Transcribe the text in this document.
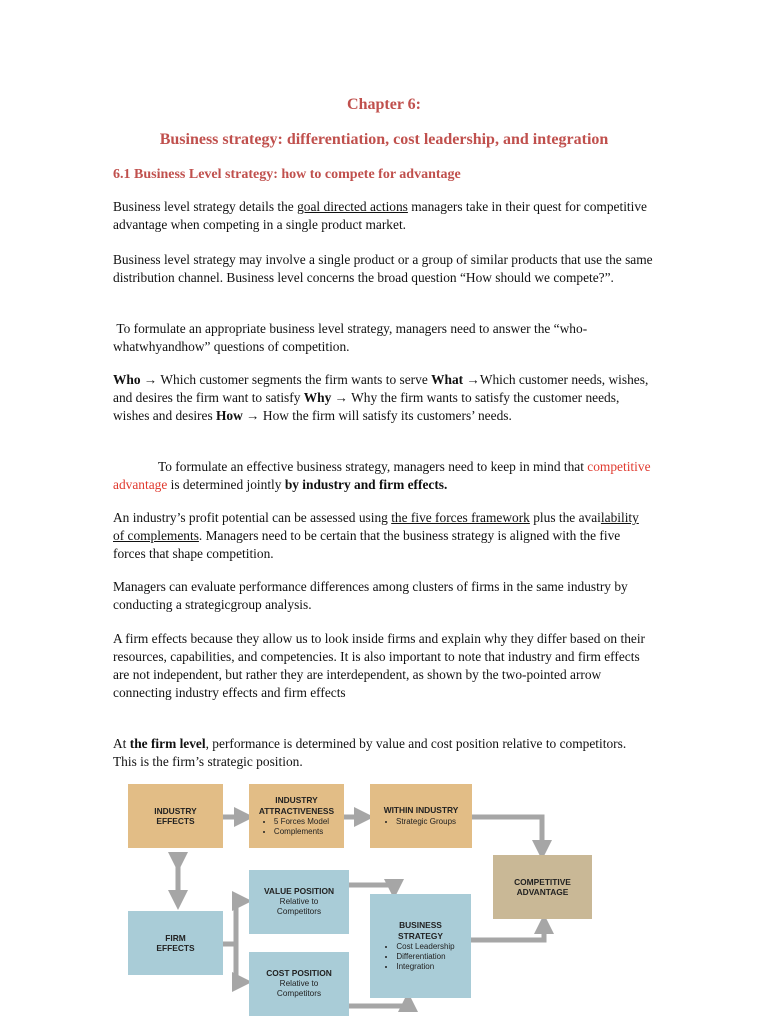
Chapter 6:
Business strategy: differentiation, cost leadership, and integration
6.1 Business Level strategy: how to compete for advantage

Business level strategy details the goal directed actions managers take in their quest for competitive advantage when competing in a single product market.

Business level strategy may involve a single product or a group of similar products that use the same distribution channel. Business level concerns the broad question “How should we compete?”.

To formulate an appropriate business level strategy, managers need to answer the “who-whatwhyandhow” questions of competition.

Who → Which customer segments the firm wants to serve What →Which customer needs, wishes, and desires the firm want to satisfy Why → Why the firm wants to satisfy the customer needs, wishes and desires How → How the firm will satisfy its customers’ needs.

To formulate an effective business strategy, managers need to keep in mind that competitive advantage is determined jointly by industry and firm effects.

An industry’s profit potential can be assessed using the five forces framework plus the availability of complements. Managers need to be certain that the business strategy is aligned with the five forces that shape competition.

Managers can evaluate performance differences among clusters of firms in the same industry by conducting a strategicgroup analysis.

A firm effects because they allow us to look inside firms and explain why they differ based on their resources, capabilities, and competencies. It is also important to note that industry and firm effects are not independent, but rather they are interdependent, as shown by the two-pointed arrow connecting industry effects and firm effects

At the firm level, performance is determined by value and cost position relative to competitors. This is the firm’s strategic position.

INDUSTRY EFFECTS
INDUSTRY ATTRACTIVENESS
• 5 Forces Model
• Complements
WITHIN INDUSTRY
• Strategic Groups
COMPETITIVE ADVANTAGE
FIRM EFFECTS
VALUE POSITION
Relative to Competitors
COST POSITION
Relative to Competitors
BUSINESS STRATEGY
• Cost Leadership
• Differentiation
• Integration
